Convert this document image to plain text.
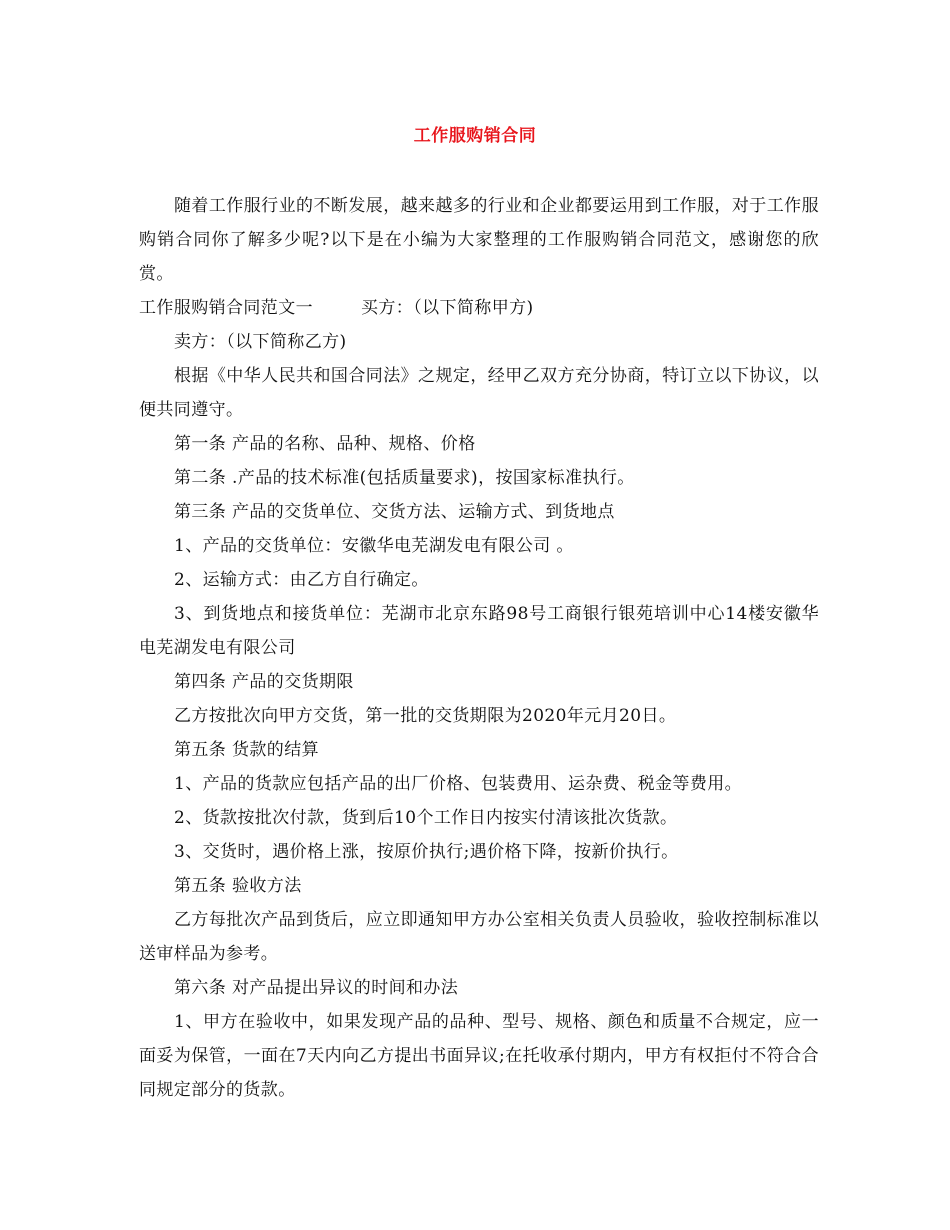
工作服购销合同

随着工作服行业的不断发展，越来越多的行业和企业都要运用到工作服，对于工作服购销合同你了解多少呢?以下是在小编为大家整理的工作服购销合同范文，感谢您的欣赏。

工作服购销合同范文一	买方：（以下简称甲方)

卖方：（以下简称乙方)

根据《中华人民共和国合同法》之规定，经甲乙双方充分协商，特订立以下协议，以便共同遵守。

第一条 产品的名称、品种、规格、价格

第二条 .产品的技术标准(包括质量要求)，按国家标准执行。

第三条 产品的交货单位、交货方法、运输方式、到货地点

1、产品的交货单位：安徽华电芜湖发电有限公司 。

2、运输方式：由乙方自行确定。

3、到货地点和接货单位：芜湖市北京东路98号工商银行银苑培训中心14楼安徽华电芜湖发电有限公司

第四条 产品的交货期限

乙方按批次向甲方交货，第一批的交货期限为2020年元月20日。

第五条 货款的结算

1、产品的货款应包括产品的出厂价格、包装费用、运杂费、税金等费用。

2、货款按批次付款，货到后10个工作日内按实付清该批次货款。

3、交货时，遇价格上涨，按原价执行;遇价格下降，按新价执行。

第五条 验收方法

乙方每批次产品到货后，应立即通知甲方办公室相关负责人员验收，验收控制标准以送审样品为参考。

第六条 对产品提出异议的时间和办法

1、甲方在验收中，如果发现产品的品种、型号、规格、颜色和质量不合规定，应一面妥为保管，一面在7天内向乙方提出书面异议;在托收承付期内，甲方有权拒付不符合合同规定部分的货款。
